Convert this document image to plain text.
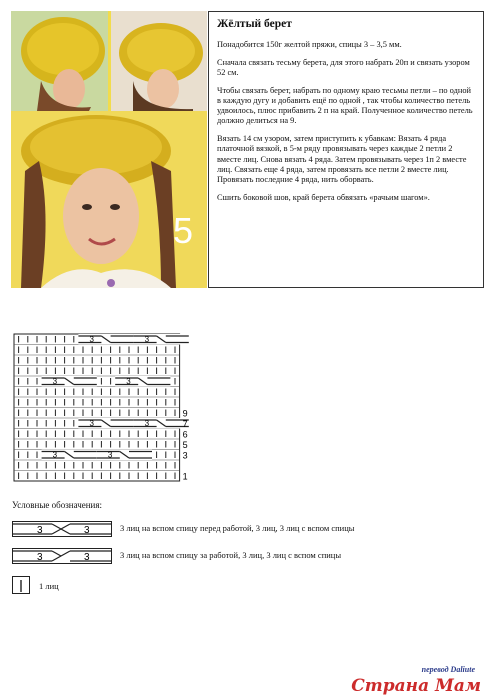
5
Жёлтый берет

Понадобится 150г желтой пряжи, спицы 3 – 3,5 мм.

Сначала связать тесьму берета, для этого набрать 20п и связать узором 52 см.

Чтобы связать берет, набрать по одному краю тесьмы петли – по одной в каждую дугу и добавить ещё по одной , так чтобы количество петель удвоилось, плюс прибавить 2 п на край. Полученное количество петель должно делиться на 9.

Вязать 14 см узором, затем приступить к убавкам: Вязать 4 ряда платочной вязкой, в 5-м ряду провязывать через каждые 2 петли 2 вместе лиц. Снова вязать 4 ряда. Затем провязывать через 1п 2 вместе лиц. Связать еще 4 ряда, затем провязать все петли 2 вместе лиц. Провязать последние 4 ряда, нить оборвать.

Сшить боковой шов, край берета обвязать «рачьим шагом».

3	3
3	3
3	3
3	3
9
7
6
5
3
1
Условные обозначения:
3	3	3 лиц на вспом спицу перед работой, 3 лиц, 3 лиц с вспом спицы
3	3	3 лиц на вспом спицу за работой, 3 лиц, 3 лиц с вспом спицы
1 лиц
перевод Daliute
Страна Мам
